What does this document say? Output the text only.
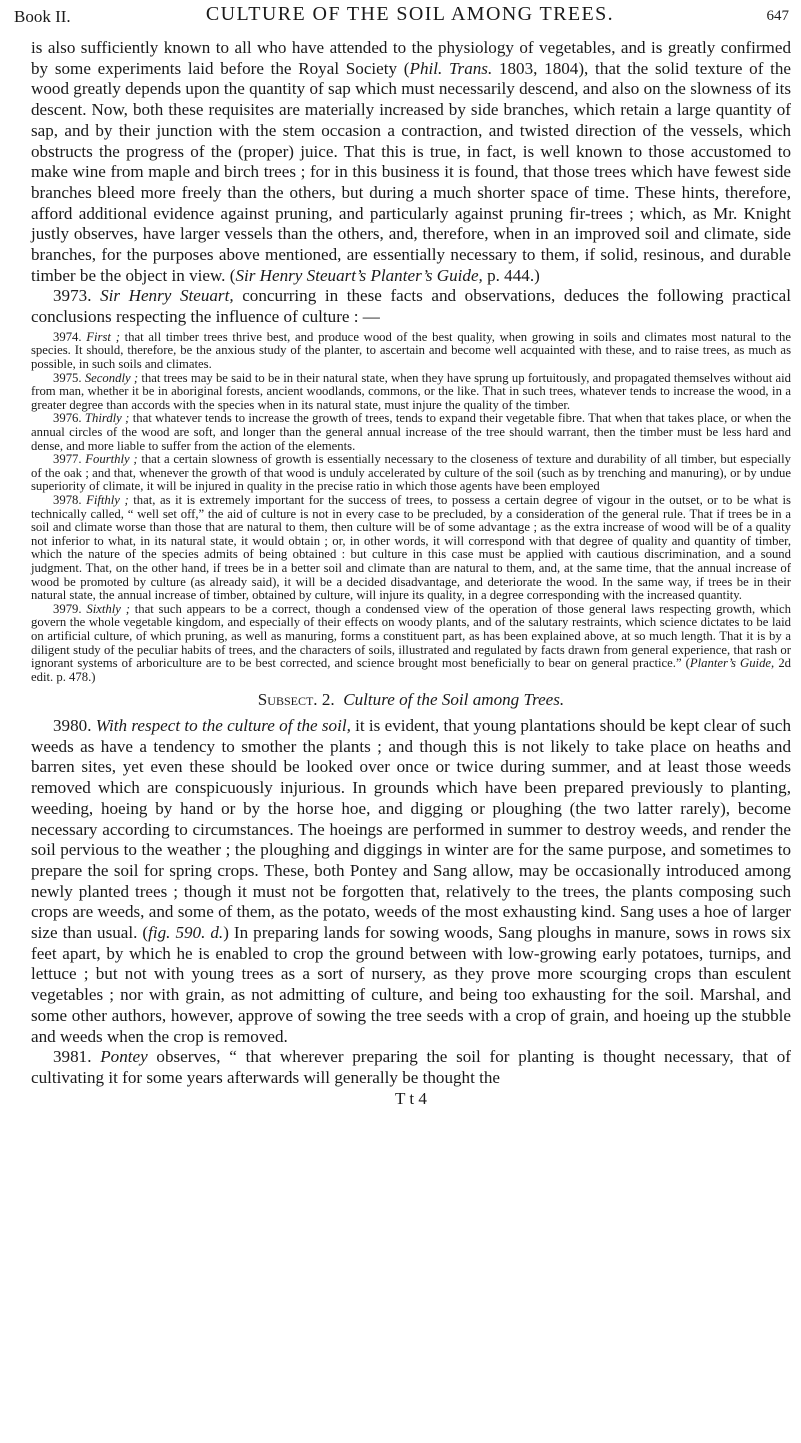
Book II.	CULTURE OF THE SOIL AMONG TREES.	647

is also sufficiently known to all who have attended to the physiology of vegetables, and is greatly confirmed by some experiments laid before the Royal Society (Phil. Trans. 1803, 1804), that the solid texture of the wood greatly depends upon the quantity of sap which must necessarily descend, and also on the slowness of its descent. Now, both these requisites are materially increased by side branches, which retain a large quantity of sap, and by their junction with the stem occasion a contraction, and twisted direction of the vessels, which obstructs the progress of the (proper) juice. That this is true, in fact, is well known to those accustomed to make wine from maple and birch trees ; for in this business it is found, that those trees which have fewest side branches bleed more freely than the others, but during a much shorter space of time. These hints, therefore, afford additional evidence against pruning, and particularly against pruning fir-trees ; which, as Mr. Knight justly observes, have larger vessels than the others, and, therefore, when in an improved soil and climate, side branches, for the purposes above mentioned, are essentially necessary to them, if solid, resinous, and durable timber be the object in view. (Sir Henry Steuart’s Planter’s Guide, p. 444.)

3973. Sir Henry Steuart, concurring in these facts and observations, deduces the following practical conclusions respecting the influence of culture : —

3974. First ; that all timber trees thrive best, and produce wood of the best quality, when growing in soils and climates most natural to the species. It should, therefore, be the anxious study of the planter, to ascertain and become well acquainted with these, and to raise trees, as much as possible, in such soils and climates.

3975. Secondly ; that trees may be said to be in their natural state, when they have sprung up fortuitously, and propagated themselves without aid from man, whether it be in aboriginal forests, ancient woodlands, commons, or the like. That in such trees, whatever tends to increase the wood, in a greater degree than accords with the species when in its natural state, must injure the quality of the timber.

3976. Thirdly ; that whatever tends to increase the growth of trees, tends to expand their vegetable fibre. That when that takes place, or when the annual circles of the wood are soft, and longer than the general annual increase of the tree should warrant, then the timber must be less hard and dense, and more liable to suffer from the action of the elements.

3977. Fourthly ; that a certain slowness of growth is essentially necessary to the closeness of texture and durability of all timber, but especially of the oak ; and that, whenever the growth of that wood is unduly accelerated by culture of the soil (such as by trenching and manuring), or by undue superiority of climate, it will be injured in quality in the precise ratio in which those agents have been employed

3978. Fifthly ; that, as it is extremely important for the success of trees, to possess a certain degree of vigour in the outset, or to be what is technically called, “ well set off,” the aid of culture is not in every case to be precluded, by a consideration of the general rule. That if trees be in a soil and climate worse than those that are natural to them, then culture will be of some advantage ; as the extra increase of wood will be of a quality not inferior to what, in its natural state, it would obtain ; or, in other words, it will correspond with that degree of quality and quantity of timber, which the nature of the species admits of being obtained : but culture in this case must be applied with cautious discrimination, and a sound judgment. That, on the other hand, if trees be in a better soil and climate than are natural to them, and, at the same time, that the annual increase of wood be promoted by culture (as already said), it will be a decided disadvantage, and deteriorate the wood. In the same way, if trees be in their natural state, the annual increase of timber, obtained by culture, will injure its quality, in a degree corresponding with the increased quantity.

3979. Sixthly ; that such appears to be a correct, though a condensed view of the operation of those general laws respecting growth, which govern the whole vegetable kingdom, and especially of their effects on woody plants, and of the salutary restraints, which science dictates to be laid on artificial culture, of which pruning, as well as manuring, forms a constituent part, as has been explained above, at so much length. That it is by a diligent study of the peculiar habits of trees, and the characters of soils, illustrated and regulated by facts drawn from general experience, that rash or ignorant systems of arboriculture are to be best corrected, and science brought most beneficially to bear on general practice.” (Planter’s Guide, 2d edit. p. 478.)

Subsect. 2. Culture of the Soil among Trees.

3980. With respect to the culture of the soil, it is evident, that young plantations should be kept clear of such weeds as have a tendency to smother the plants ; and though this is not likely to take place on heaths and barren sites, yet even these should be looked over once or twice during summer, and at least those weeds removed which are conspicuously injurious. In grounds which have been prepared previously to planting, weeding, hoeing by hand or by the horse hoe, and digging or ploughing (the two latter rarely), become necessary according to circumstances. The hoeings are performed in summer to destroy weeds, and render the soil pervious to the weather ; the ploughing and diggings in winter are for the same purpose, and sometimes to prepare the soil for spring crops. These, both Pontey and Sang allow, may be occasionally introduced among newly planted trees ; though it must not be forgotten that, relatively to the trees, the plants composing such crops are weeds, and some of them, as the potato, weeds of the most exhausting kind. Sang uses a hoe of larger size than usual. (fig. 590. d.) In preparing lands for sowing woods, Sang ploughs in manure, sows in rows six feet apart, by which he is enabled to crop the ground between with low-growing early potatoes, turnips, and lettuce ; but not with young trees as a sort of nursery, as they prove more scourging crops than esculent vegetables ; nor with grain, as not admitting of culture, and being too exhausting for the soil. Marshal, and some other authors, however, approve of sowing the tree seeds with a crop of grain, and hoeing up the stubble and weeds when the crop is removed.

3981. Pontey observes, “ that wherever preparing the soil for planting is thought necessary, that of cultivating it for some years afterwards will generally be thought the

T t 4
